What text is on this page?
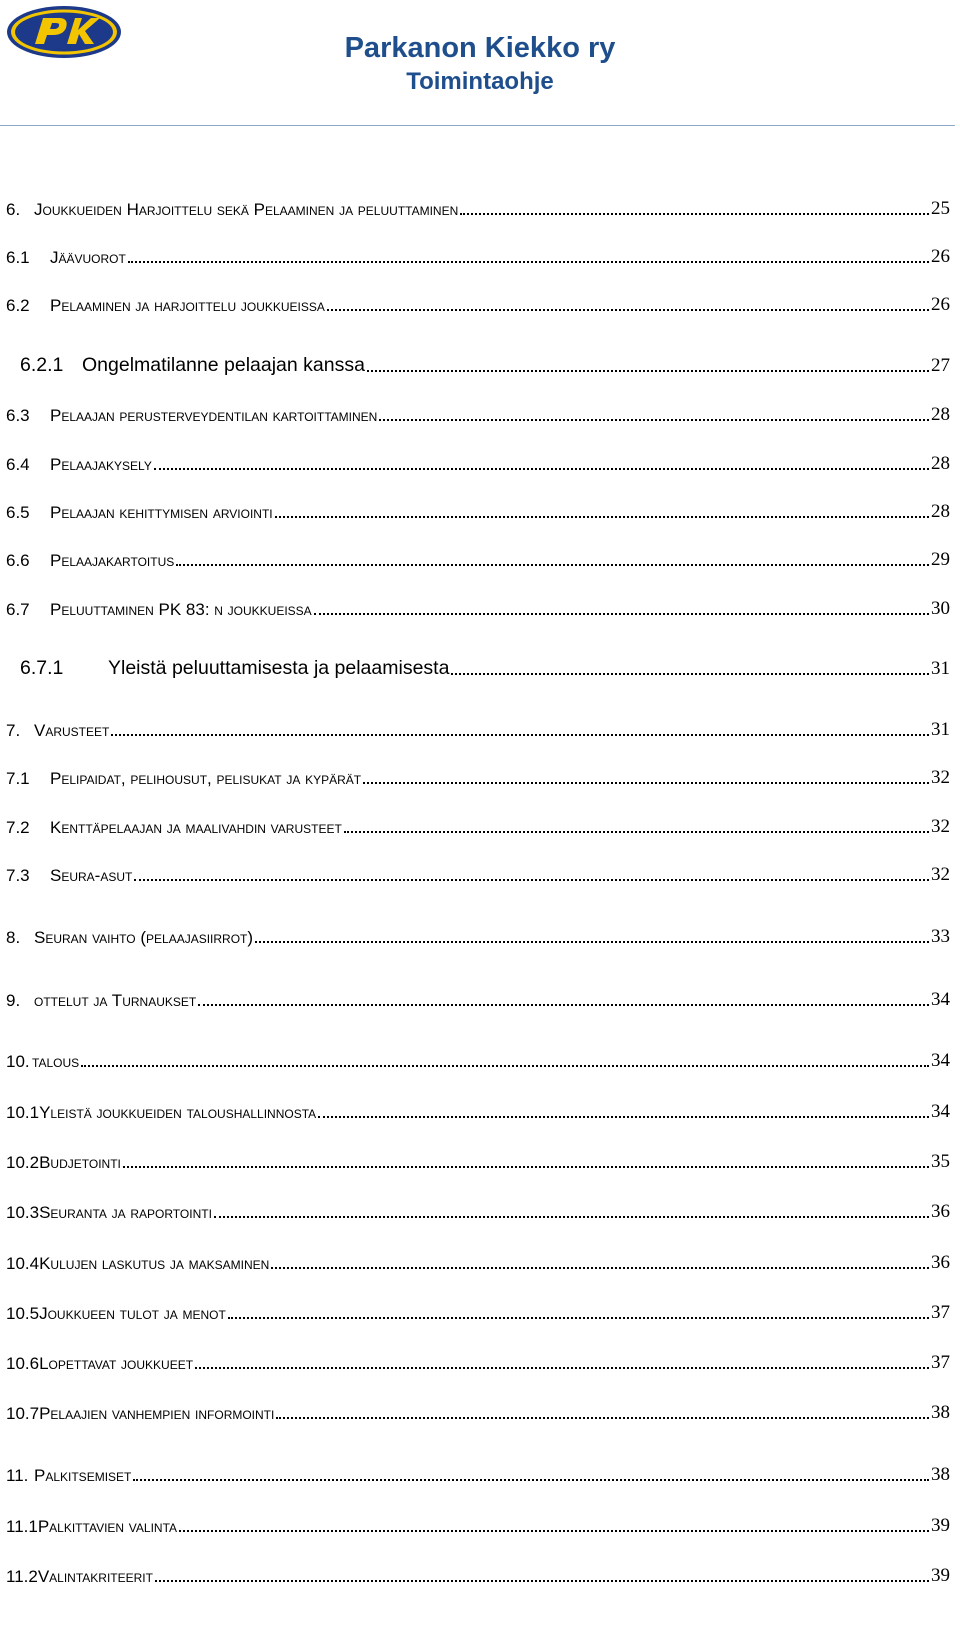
Parkanon Kiekko ry
Toimintaohje
6. Joukkueiden Harjoittelu sekä Pelaaminen ja peluuttaminen	25
6.1	Jäävuorot	26
6.2	Pelaaminen ja harjoittelu joukkueissa	26
6.2.1 Ongelmatilanne pelaajan kanssa	27
6.3	Pelaajan perusterveydentilan kartoittaminen	28
6.4	Pelaajakysely	28
6.5	Pelaajan kehittymisen arviointi	28
6.6	Pelaajakartoitus	29
6.7	Peluuttaminen PK 83: n joukkueissa	30
6.7.1	Yleistä peluuttamisesta ja pelaamisesta	31
7. Varusteet	31
7.1	Pelipaidat, pelihousut, pelisukat ja kypärät	32
7.2	Kenttäpelaajan ja maalivahdin varusteet	32
7.3	Seura-asut	32
8. Seuran vaihto (pelaajasiirrot)	33
9. ottelut ja Turnaukset	34
10. talous	34
10.1 Yleistä joukkueiden taloushallinnosta	34
10.2 Budjetointi	35
10.3 Seuranta ja raportointi	36
10.4 Kulujen laskutus ja maksaminen	36
10.5 Joukkueen tulot ja menot	37
10.6 Lopettavat joukkueet	37
10.7 Pelaajien vanhempien informointi	38
11. Palkitsemiset	38
11.1 Palkittavien valinta	39
11.2 Valintakriteerit	39
